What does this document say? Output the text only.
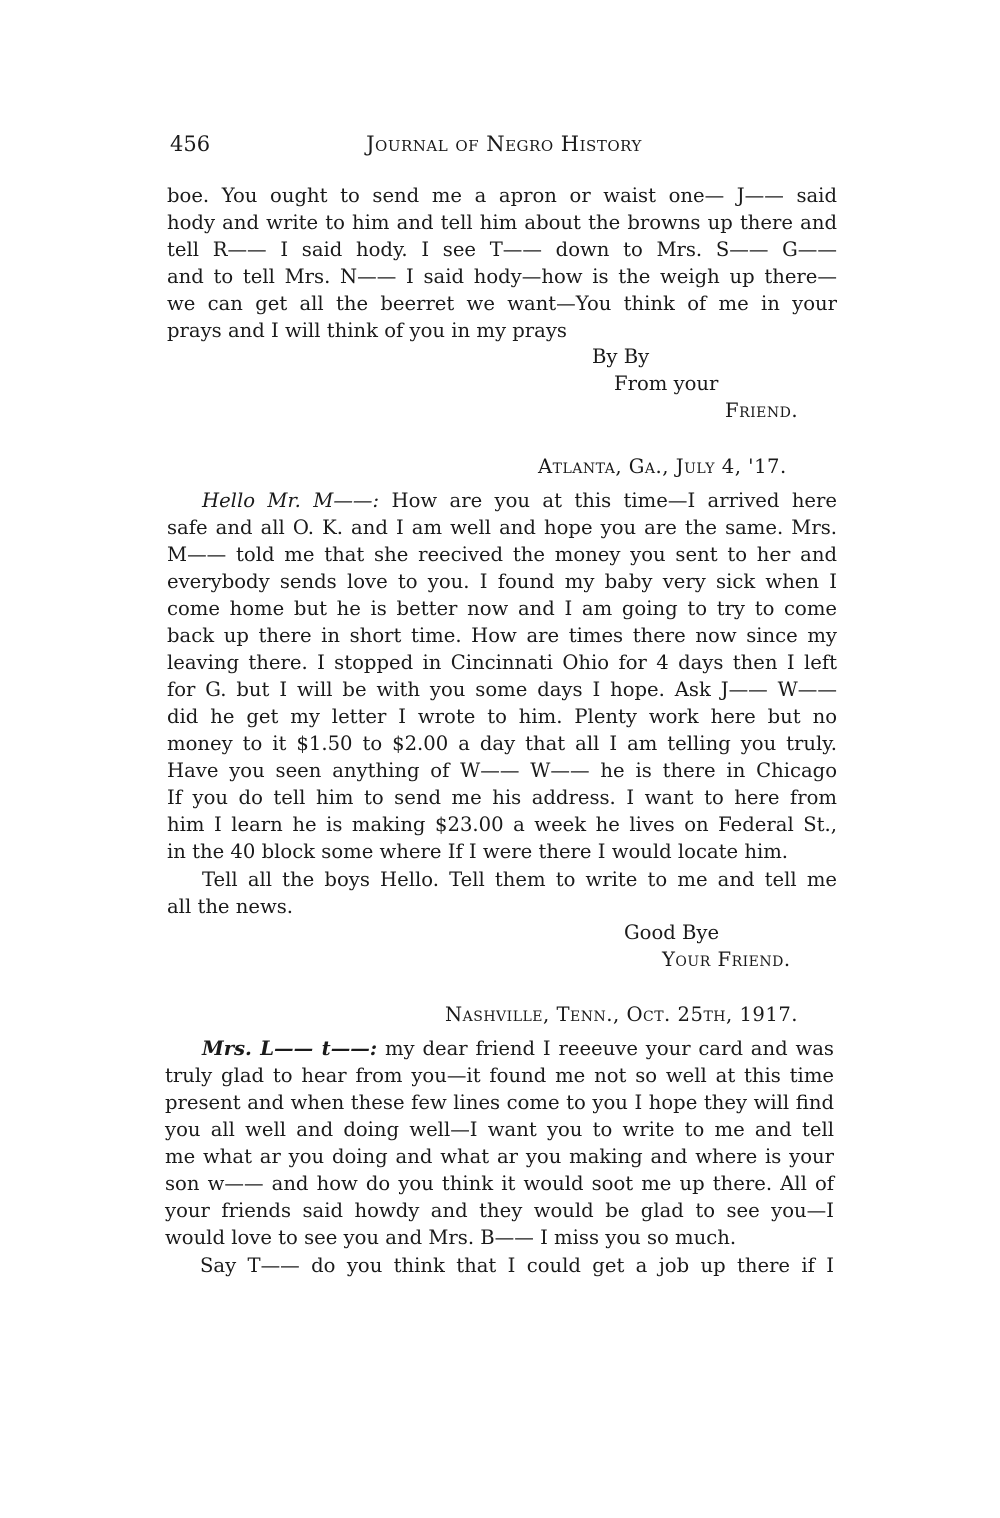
456	Journal of Negro History
boe. You ought to send me a apron or waist one— J—— said
hody and write to him and tell him about the browns up there and
tell R—— I said hody. I see T—— down to Mrs. S—— G——
and to tell Mrs. N—— I said hody—how is the weigh up there—
we can get all the beerret we want—You think of me in your
prays and I will think of you in my prays
By By
From your
Friend.
Atlanta, Ga., July 4, '17.
Hello Mr. M——: How are you at this time—I arrived here
safe and all O. K. and I am well and hope you are the same. Mrs.
M—— told me that she reecived the money you sent to her and
everybody sends love to you. I found my baby very sick when I
come home but he is better now and I am going to try to come
back up there in short time. How are times there now since my
leaving there. I stopped in Cincinnati Ohio for 4 days then I left
for G. but I will be with you some days I hope. Ask J—— W——
did he get my letter I wrote to him. Plenty work here but no
money to it $1.50 to $2.00 a day that all I am telling you truly.
Have you seen anything of W—— W—— he is there in Chicago
If you do tell him to send me his address. I want to here from
him I learn he is making $23.00 a week he lives on Federal St.,
in the 40 block some where If I were there I would locate him.
Tell all the boys Hello. Tell them to write to me and tell me
all the news.
Good Bye
Your Friend.
Nashville, Tenn., Oct. 25th, 1917.
Mrs. L—— t——: my dear friend I reeeuve your card and was
truly glad to hear from you—it found me not so well at this time
present and when these few lines come to you I hope they will find
you all well and doing well—I want you to write to me and tell
me what ar you doing and what ar you making and where is your
son w—— and how do you think it would soot me up there. All of
your friends said howdy and they would be glad to see you—I
would love to see you and Mrs. B—— I miss you so much.
Say T—— do you think that I could get a job up there if I
